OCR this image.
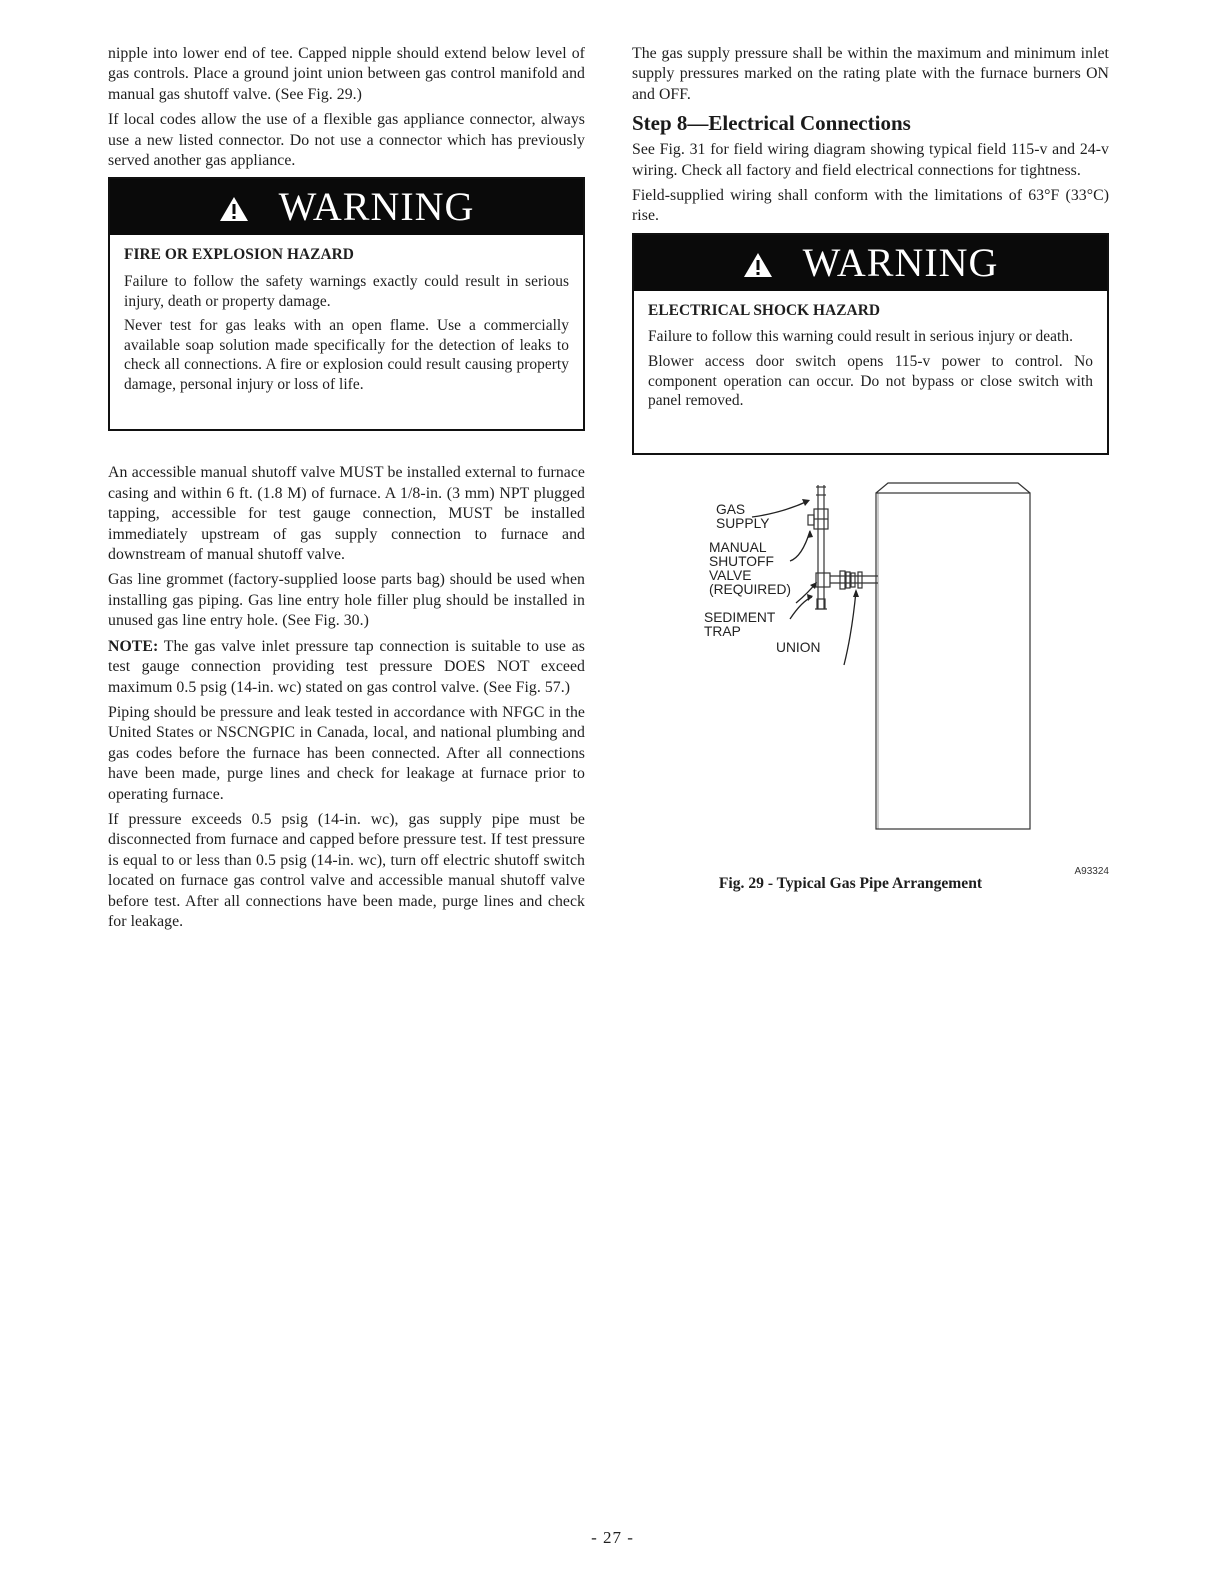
nipple into lower end of tee. Capped nipple should extend below level of gas controls. Place a ground joint union between gas control manifold and manual gas shutoff valve. (See Fig. 29.)

If local codes allow the use of a flexible gas appliance connector, always use a new listed connector. Do not use a connector which has previously served another gas appliance.

WARNING

FIRE OR EXPLOSION HAZARD

Failure to follow the safety warnings exactly could result in serious injury, death or property damage.

Never test for gas leaks with an open flame. Use a commercially available soap solution made specifically for the detection of leaks to check all connections. A fire or explosion could result causing property damage, personal injury or loss of life.

An accessible manual shutoff valve MUST be installed external to furnace casing and within 6 ft. (1.8 M) of furnace. A 1/8-in. (3 mm) NPT plugged tapping, accessible for test gauge connection, MUST be installed immediately upstream of gas supply connection to furnace and downstream of manual shutoff valve.

Gas line grommet (factory-supplied loose parts bag) should be used when installing gas piping. Gas line entry hole filler plug should be installed in unused gas line entry hole. (See Fig. 30.)

NOTE: The gas valve inlet pressure tap connection is suitable to use as test gauge connection providing test pressure DOES NOT exceed maximum 0.5 psig (14-in. wc) stated on gas control valve. (See Fig. 57.)

Piping should be pressure and leak tested in accordance with NFGC in the United States or NSCNGPIC in Canada, local, and national plumbing and gas codes before the furnace has been connected. After all connections have been made, purge lines and check for leakage at furnace prior to operating furnace.

If pressure exceeds 0.5 psig (14-in. wc), gas supply pipe must be disconnected from furnace and capped before pressure test. If test pressure is equal to or less than 0.5 psig (14-in. wc), turn off electric shutoff switch located on furnace gas control valve and accessible manual shutoff valve before test. After all connections have been made, purge lines and check for leakage.

The gas supply pressure shall be within the maximum and minimum inlet supply pressures marked on the rating plate with the furnace burners ON and OFF.

Step 8—Electrical Connections

See Fig. 31 for field wiring diagram showing typical field 115-v and 24-v wiring. Check all factory and field electrical connections for tightness.

Field-supplied wiring shall conform with the limitations of 63°F (33°C) rise.

WARNING

ELECTRICAL SHOCK HAZARD

Failure to follow this warning could result in serious injury or death.

Blower access door switch opens 115-v power to control. No component operation can occur. Do not bypass or close switch with panel removed.

GAS
SUPPLY
MANUAL
SHUTOFF
VALVE
(REQUIRED)
SEDIMENT
TRAP
UNION
A93324
Fig. 29 - Typical Gas Pipe Arrangement
- 27 -
